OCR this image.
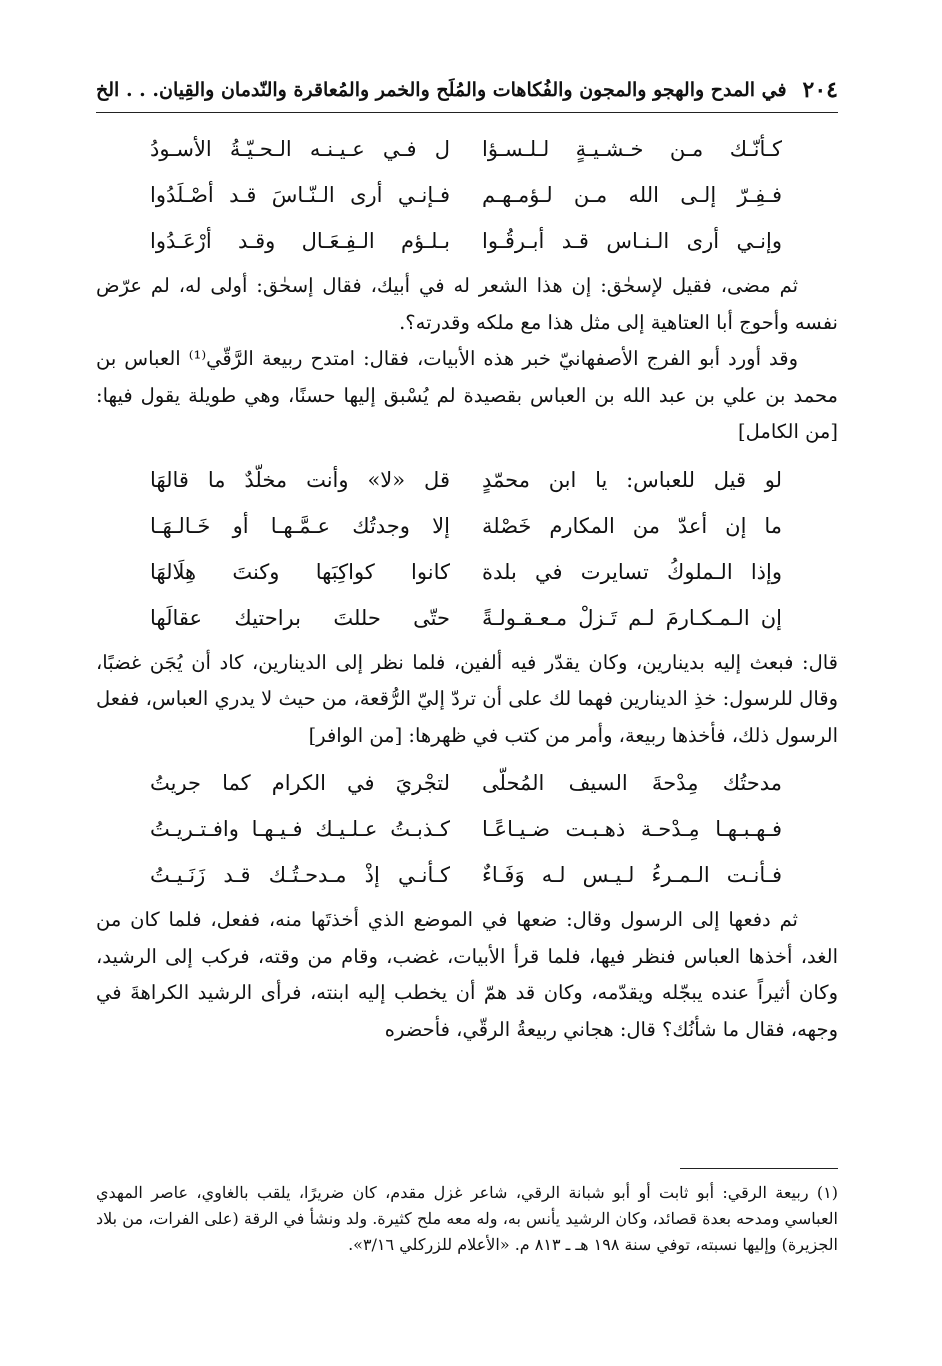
٢٠٤
في المدح والهجو والمجون والفُكاهات والمُلَح والخمر والمُعاقرة والنّدمان والقِيان. . . الخ
كـأنّـك مـن خـشـيـةٍ لـلـسـؤا
ل فـي عـيـنـه الـحـيّـةُ الأسـودُ
فـفِـرّ إلـى الله مـن لـؤمـهـم
فـإنـي أرى الـنّـاسَ قـد أصْـلَدُوا
وإنـي أرى الـنـاس قـد أبـرقُـوا
بـلـؤم الـفِـعَـال وقـد أرْعَـدُوا

ثم مضى، فقيل لإسحٰق: إن هذا الشعر له في أبيك، فقال إسحٰق: أولى له، لم عرّض نفسه وأحوج أبا العتاهية إلى مثل هذا مع ملكه وقدرته؟.

وقد أورد أبو الفرج الأصفهانيّ خبر هذه الأبيات، فقال: امتدح ربيعة الرَّقّي⁽¹⁾ العباس بن محمد بن علي بن عبد الله بن العباس بقصيدة لم يُسْبق إليها حسنًا، وهي طويلة يقول فيها: [من الكامل]

لو قيل للعباس: يا ابن محمّدٍ
قل «لا» وأنت مخلّدٌ ما قالهَا
ما إن أعدّ من المكارم خَصْلة
إلا وجدتُك عـمَّـهـا أو خَـالـهَـا
وإذا الـملوكُ تسايرت في بلدة
كانوا كواكِبَها وكنتَ هِلَالهَا
إن الـمـكـارمَ لـم تَـزلْ مـعـقـولـةً
حتّى حللتَ براحتيك عقالَها

قال: فبعث إليه بدينارين، وكان يقدّر فيه ألفين، فلما نظر إلى الدينارين، كاد أن يُجَن غضبًا، وقال للرسول: خذِ الدينارين فهما لك على أن تردّ إليّ الرُّقعة، من حيث لا يدري العباس، ففعل الرسول ذلك، فأخذها ربيعة، وأمر من كتب في ظهرها: [من الوافر]

مدحتُك مِدْحةَ السيف المُحلّى
لتجْريَ في الكرام كما جريتُ
فـهـبـهـا مِـدْحـة ذهـبـت ضـيـاعًـا
كـذبـتُ عـلـيـك فـيـهـا وافـتـريـتُ
فـأنـت الـمـرءُ لـيـس لـه وَفَـاءٌ
كـأنـي إذْ مـدحـتُـك قـد زَنَـيـتُ

ثم دفعها إلى الرسول وقال: ضعها في الموضع الذي أخذتَها منه، ففعل، فلما كان من الغد، أخذها العباس فنظر فيها، فلما قرأ الأبيات، غضب، وقام من وقته، فركب إلى الرشيد، وكان أثيراً عنده يبجّله ويقدّمه، وكان قد همّ أن يخطب إليه ابنته، فرأى الرشيد الكراهةَ في وجهه، فقال ما شأنُك؟ قال: هجاني ربيعةُ الرقّي، فأحضره

(١) ربيعة الرقي: أبو ثابت أو أبو شبانة الرقي، شاعر غزل مقدم، كان ضريرًا، يلقب بالغاوي، عاصر المهدي العباسي ومدحه بعدة قصائد، وكان الرشيد يأنس به، وله معه ملح كثيرة. ولد ونشأ في الرقة (على الفرات، من بلاد الجزيرة) وإليها نسبته، توفي سنة ١٩٨ هـ ـ ٨١٣ م. «الأعلام للزركلي ٣/١٦».
